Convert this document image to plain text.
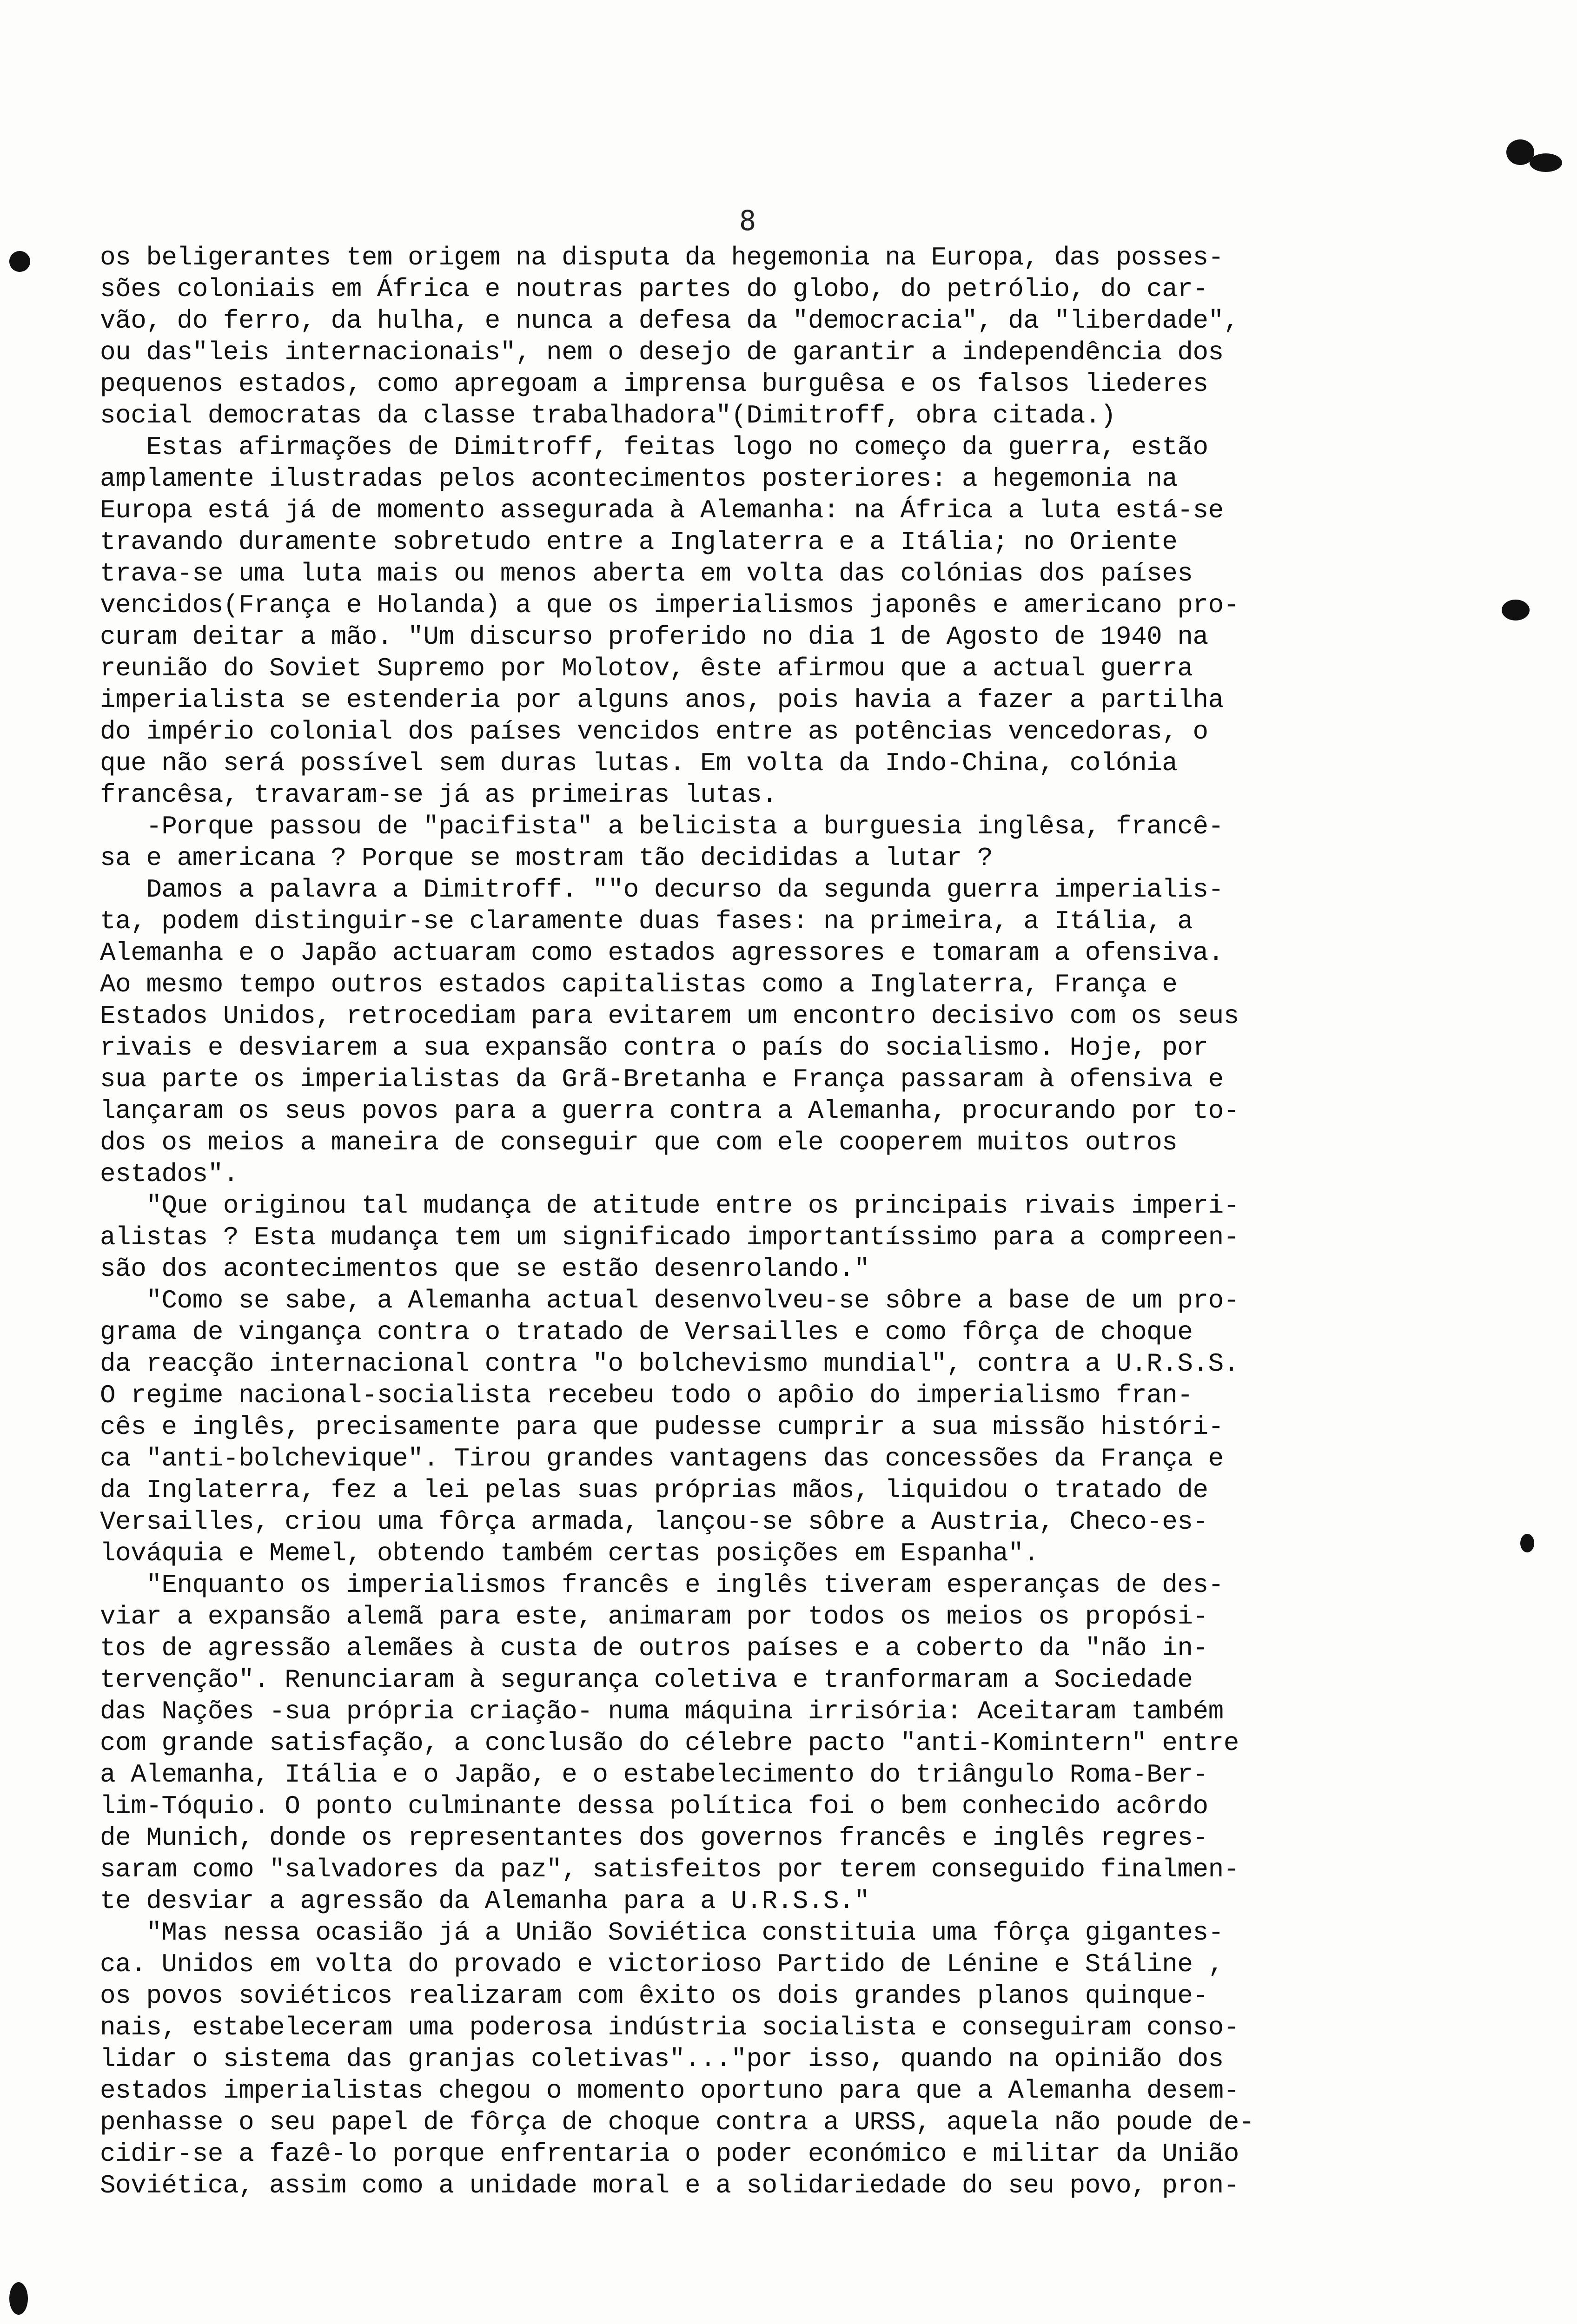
8
os beligerantes tem origem na disputa da hegemonia na Europa, das posses-
sões coloniais em África e noutras partes do globo, do petrólio, do car-
vão, do ferro, da hulha, e nunca a defesa da "democracia", da "liberdade",
ou das"leis internacionais", nem o desejo de garantir a independência dos
pequenos estados, como apregoam a imprensa burguêsa e os falsos liederes
social democratas da classe trabalhadora"(Dimitroff, obra citada.)
Estas afirmações de Dimitroff, feitas logo no começo da guerra, estão
amplamente ilustradas pelos acontecimentos posteriores: a hegemonia na
Europa está já de momento assegurada à Alemanha: na África a luta está-se
travando duramente sobretudo entre a Inglaterra e a Itália; no Oriente
trava-se uma luta mais ou menos aberta em volta das colónias dos países
vencidos(França e Holanda) a que os imperialismos japonês e americano pro-
curam deitar a mão. "Um discurso proferido no dia 1 de Agosto de 1940 na
reunião do Soviet Supremo por Molotov, êste afirmou que a actual guerra
imperialista se estenderia por alguns anos, pois havia a fazer a partilha
do império colonial dos países vencidos entre as potências vencedoras, o
que não será possível sem duras lutas. Em volta da Indo-China, colónia
francêsa, travaram-se já as primeiras lutas.
-Porque passou de "pacifista" a belicista a burguesia inglêsa, francê-
sa e americana ? Porque se mostram tão decididas a lutar ?
Damos a palavra a Dimitroff. ""o decurso da segunda guerra imperialis-
ta, podem distinguir-se claramente duas fases: na primeira, a Itália, a
Alemanha e o Japão actuaram como estados agressores e tomaram a ofensiva.
Ao mesmo tempo outros estados capitalistas como a Inglaterra, França e
Estados Unidos, retrocediam para evitarem um encontro decisivo com os seus
rivais e desviarem a sua expansão contra o país do socialismo. Hoje, por
sua parte os imperialistas da Grã-Bretanha e França passaram à ofensiva e
lançaram os seus povos para a guerra contra a Alemanha, procurando por to-
dos os meios a maneira de conseguir que com ele cooperem muitos outros
estados".
"Que originou tal mudança de atitude entre os principais rivais imperi-
alistas ? Esta mudança tem um significado importantíssimo para a compreen-
são dos acontecimentos que se estão desenrolando."
"Como se sabe, a Alemanha actual desenvolveu-se sôbre a base de um pro-
grama de vingança contra o tratado de Versailles e como fôrça de choque
da reacção internacional contra "o bolchevismo mundial", contra a U.R.S.S.
O regime nacional-socialista recebeu todo o apôio do imperialismo fran-
cês e inglês, precisamente para que pudesse cumprir a sua missão históri-
ca "anti-bolchevique". Tirou grandes vantagens das concessões da França e
da Inglaterra, fez a lei pelas suas próprias mãos, liquidou o tratado de
Versailles, criou uma fôrça armada, lançou-se sôbre a Austria, Checo-es-
lováquia e Memel, obtendo também certas posições em Espanha".
"Enquanto os imperialismos francês e inglês tiveram esperanças de des-
viar a expansão alemã para este, animaram por todos os meios os propósi-
tos de agressão alemães à custa de outros países e a coberto da "não in-
tervenção". Renunciaram à segurança coletiva e tranformaram a Sociedade
das Nações -sua própria criação- numa máquina irrisória: Aceitaram também
com grande satisfação, a conclusão do célebre pacto "anti-Komintern" entre
a Alemanha, Itália e o Japão, e o estabelecimento do triângulo Roma-Ber-
lim-Tóquio. O ponto culminante dessa política foi o bem conhecido acôrdo
de Munich, donde os representantes dos governos francês e inglês regres-
saram como "salvadores da paz", satisfeitos por terem conseguido finalmen-
te desviar a agressão da Alemanha para a U.R.S.S."
"Mas nessa ocasião já a União Soviética constituia uma fôrça gigantes-
ca. Unidos em volta do provado e victorioso Partido de Lénine e Stáline ,
os povos soviéticos realizaram com êxito os dois grandes planos quinque-
nais, estabeleceram uma poderosa indústria socialista e conseguiram conso-
lidar o sistema das granjas coletivas"..."por isso, quando na opinião dos
estados imperialistas chegou o momento oportuno para que a Alemanha desem-
penhasse o seu papel de fôrça de choque contra a URSS, aquela não poude de-
cidir-se a fazê-lo porque enfrentaria o poder económico e militar da União
Soviética, assim como a unidade moral e a solidariedade do seu povo, pron-
